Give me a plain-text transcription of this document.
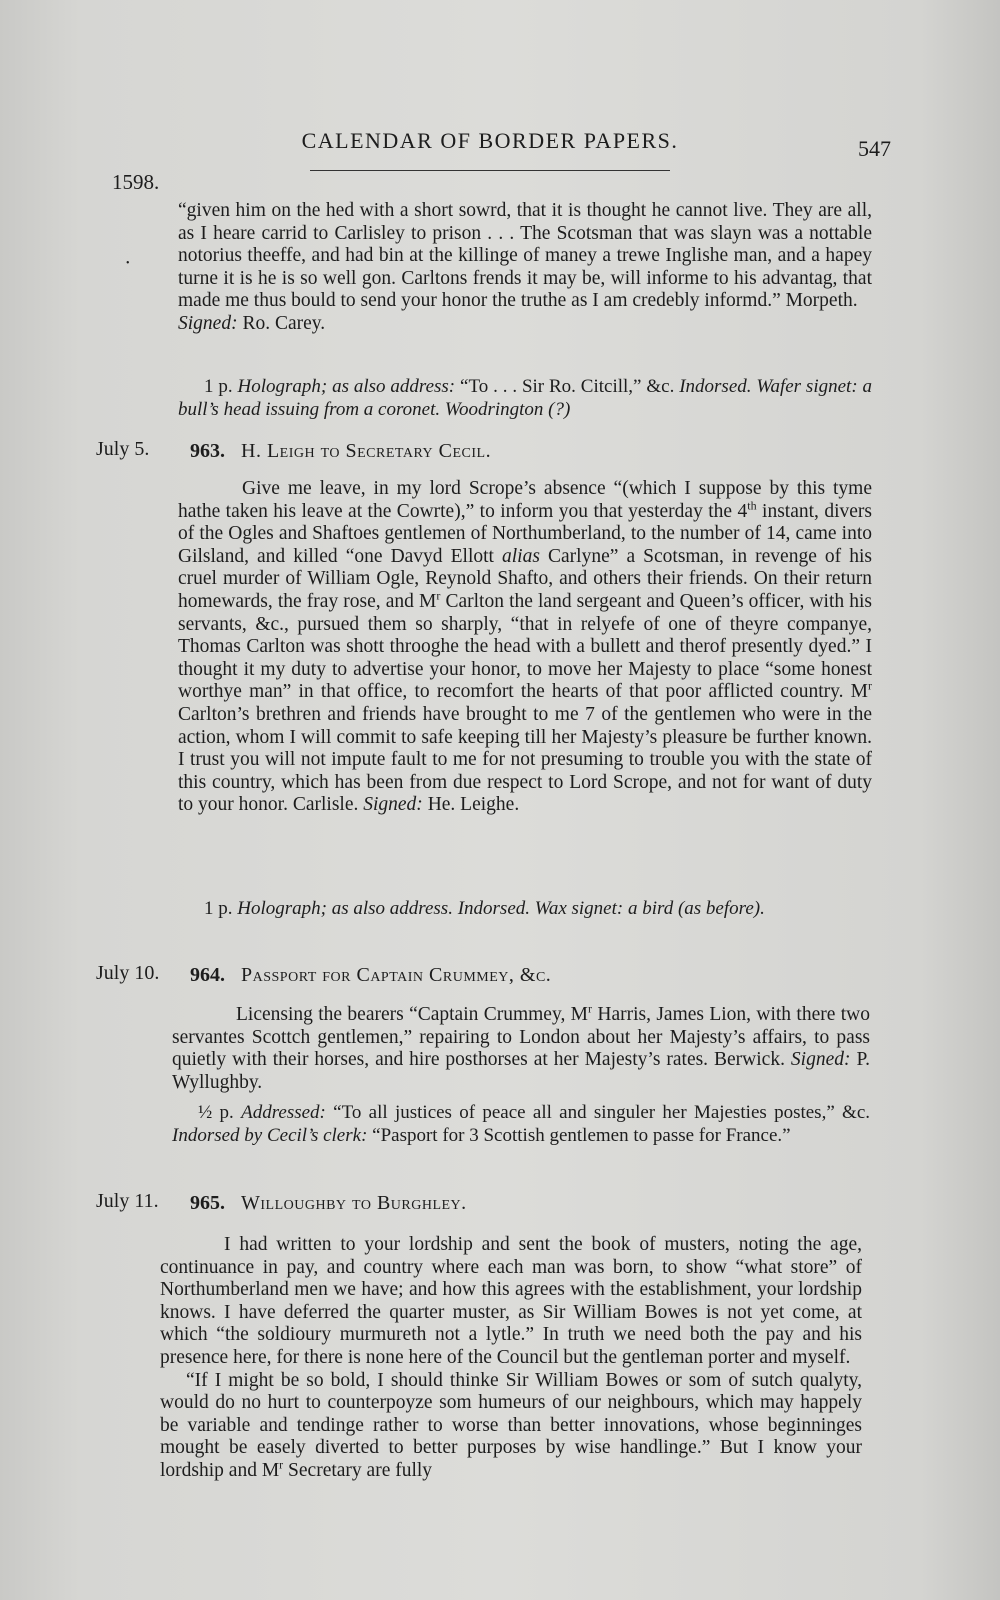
CALENDAR OF BORDER PAPERS.	547
1598.
•
“given him on the hed with a short sowrd, that it is thought he cannot live. They are all, as I heare carrid to Carlisley to prison . . . The Scotsman that was slayn was a nottable notorius theeffe, and had bin at the killinge of maney a trewe Inglishe man, and a hapey turne it is he is so well gon. Carltons frends it may be, will informe to his advantag, that made me thus bould to send your honor the truthe as I am credebly informd.” Morpeth.
Signed: Ro. Carey.
1 p. Holograph; as also address: “To . . . Sir Ro. Citcill,” &c. Indorsed. Wafer signet: a bull’s head issuing from a coronet. Woodrington (?)
July 5. 963. H. Leigh to Secretary Cecil.
Give me leave, in my lord Scrope’s absence “(which I suppose by this tyme hathe taken his leave at the Cowrte),” to inform you that yesterday the 4th instant, divers of the Ogles and Shaftoes gentlemen of Northumberland, to the number of 14, came into Gilsland, and killed “one Davyd Ellott alias Carlyne” a Scotsman, in revenge of his cruel murder of William Ogle, Reynold Shafto, and others their friends. On their return homewards, the fray rose, and $M^r$ Carlton the land sergeant and Queen’s officer, with his servants, &c., pursued them so sharply, “that in relyefe of one of theyre companye, Thomas Carlton was shott throoghe the head with a bullett and therof presently dyed.” I thought it my duty to advertise your honor, to move her Majesty to place “some honest worthye man” in that office, to recomfort the hearts of that poor afflicted country. $M^r$ Carlton’s brethren and friends have brought to me 7 of the gentlemen who were in the action, whom I will commit to safe keeping till her Majesty’s pleasure be further known. I trust you will not impute fault to me for not presuming to trouble you with the state of this country, which has been from due respect to Lord Scrope, and not for want of duty to your honor. Carlisle. Signed: He. Leighe.
1 p. Holograph; as also address. Indorsed. Wax signet: a bird (as before).
July 10. 964. Passport for Captain Crummey, &c.
Licensing the bearers “Captain Crummey, $M^r$ Harris, James Lion, with there two servantes Scottch gentlemen,” repairing to London about her Majesty’s affairs, to pass quietly with their horses, and hire posthorses at her Majesty’s rates. Berwick. Signed: P. Wyllughby.
½ p. Addressed: “To all justices of peace all and singuler her Majesties postes,” &c. Indorsed by Cecil’s clerk: “Pasport for 3 Scottish gentlemen to passe for France.”
July 11. 965. Willoughby to Burghley.
I had written to your lordship and sent the book of musters, noting the age, continuance in pay, and country where each man was born, to show “what store” of Northumberland men we have; and how this agrees with the establishment, your lordship knows. I have deferred the quarter muster, as Sir William Bowes is not yet come, at which “the soldioury murmureth not a lytle.” In truth we need both the pay and his presence here, for there is none here of the Council but the gentleman porter and myself.
“If I might be so bold, I should thinke Sir William Bowes or som of sutch qualyty, would do no hurt to counterpoyze som humeurs of our neighbours, which may happely be variable and tendinge rather to worse than better innovations, whose beginninges mought be easely diverted to better purposes by wise handlinge.” But I know your lordship and $M^r$ Secretary are fully
